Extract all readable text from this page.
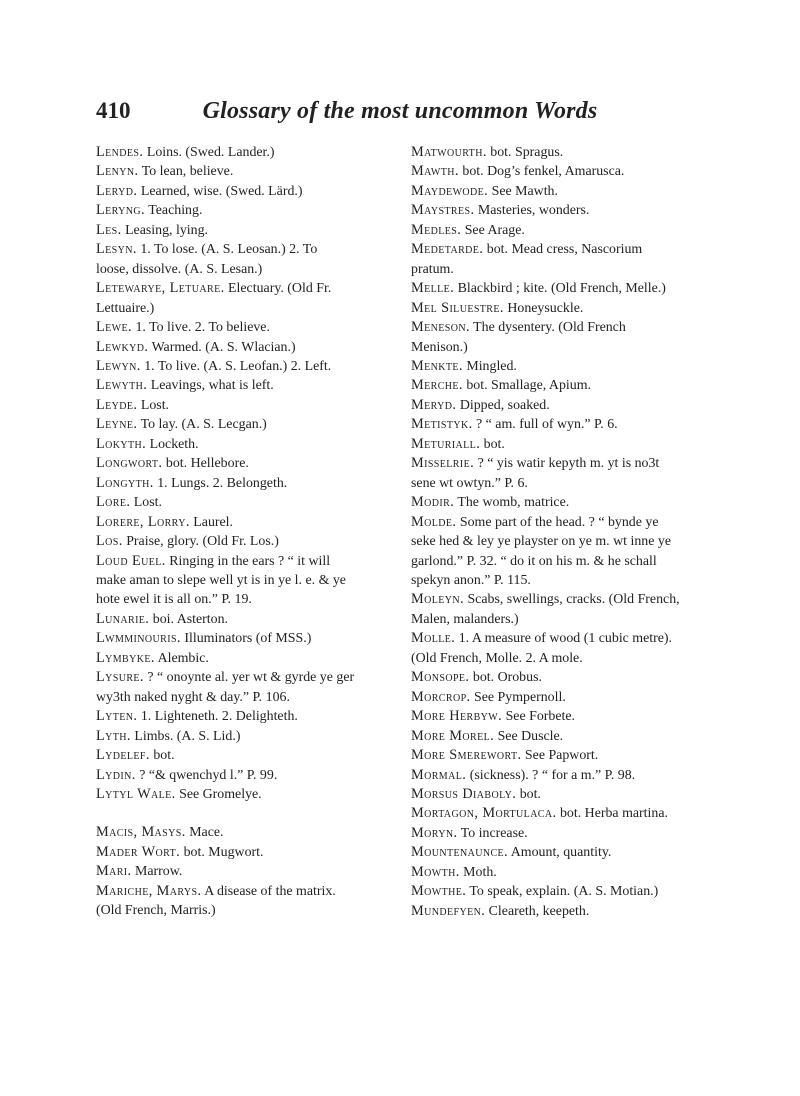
410	Glossary of the most uncommon Words
Lendes. Loins. (Swed. Lander.)
Lenyn. To lean, believe.
Leryd. Learned, wise. (Swed. Lärd.)
Leryng. Teaching.
Les. Leasing, lying.
Lesyn. 1. To lose. (A. S. Leosan.) 2. To
loose, dissolve. (A. S. Lesan.)
Letewarye, Letuare. Electuary. (Old Fr.
Lettuaire.)
Lewe. 1. To live. 2. To believe.
Lewkyd. Warmed. (A. S. Wlacian.)
Lewyn. 1. To live. (A. S. Leofan.) 2. Left.
Lewyth. Leavings, what is left.
Leyde. Lost.
Leyne. To lay. (A. S. Lecgan.)
Lokyth. Locketh.
Longwort. bot. Hellebore.
Longyth. 1. Lungs. 2. Belongeth.
Lore. Lost.
Lorere, Lorry. Laurel.
Los. Praise, glory. (Old Fr. Los.)
Loud Euel. Ringing in the ears ? “ it will
make aman to slepe well yt is in ye l. e. & ye
hote ewel it is all on.” P. 19.
Lunarie. boi. Asterton.
Lwmminouris. Illuminators (of MSS.)
Lymbyke. Alembic.
Lysure. ? “ onoynte al. yer wt & gyrde ye ger
wy3th naked nyght & day.” P. 106.
Lyten. 1. Lighteneth. 2. Delighteth.
Lyth. Limbs. (A. S. Lid.)
Lydelef. bot.
Lydin. ? “& qwenchyd l.” P. 99.
Lytyl Wale. See Gromelye.
Macis, Masys. Mace.
Mader Wort. bot. Mugwort.
Mari. Marrow.
Mariche, Marys. A disease of the matrix.
(Old French, Marris.)
Matwourth. bot. Spragus.
Mawth. bot. Dog’s fenkel, Amarusca.
Maydewode. See Mawth.
Maystres. Masteries, wonders.
Medles. See Arage.
Medetarde. bot. Mead cress, Nascorium
pratum.
Melle. Blackbird ; kite. (Old French, Melle.)
Mel Siluestre. Honeysuckle.
Meneson. The dysentery. (Old French
Menison.)
Menkte. Mingled.
Merche. bot. Smallage, Apium.
Meryd. Dipped, soaked.
Metistyk. ? “ am. full of wyn.” P. 6.
Meturiall. bot.
Misselrie. ? “ yis watir kepyth m. yt is no3t
sene wt owtyn.” P. 6.
Modir. The womb, matrice.
Molde. Some part of the head. ? “ bynde ye
seke hed & ley ye playster on ye m. wt inne ye
garlond.” P. 32. “ do it on his m. & he schall
spekyn anon.” P. 115.
Moleyn. Scabs, swellings, cracks. (Old French,
Malen, malanders.)
Molle. 1. A measure of wood (1 cubic metre).
(Old French, Molle. 2. A mole.
Monsope. bot. Orobus.
Morcrop. See Pympernoll.
More Herbyw. See Forbete.
More Morel. See Duscle.
More Smerewort. See Papwort.
Mormal. (sickness). ? “ for a m.” P. 98.
Morsus Diaboly. bot.
Mortagon, Mortulaca. bot. Herba martina.
Moryn. To increase.
Mountenaunce. Amount, quantity.
Mowth. Moth.
Mowthe. To speak, explain. (A. S. Motian.)
Mundefyen. Cleareth, keepeth.
